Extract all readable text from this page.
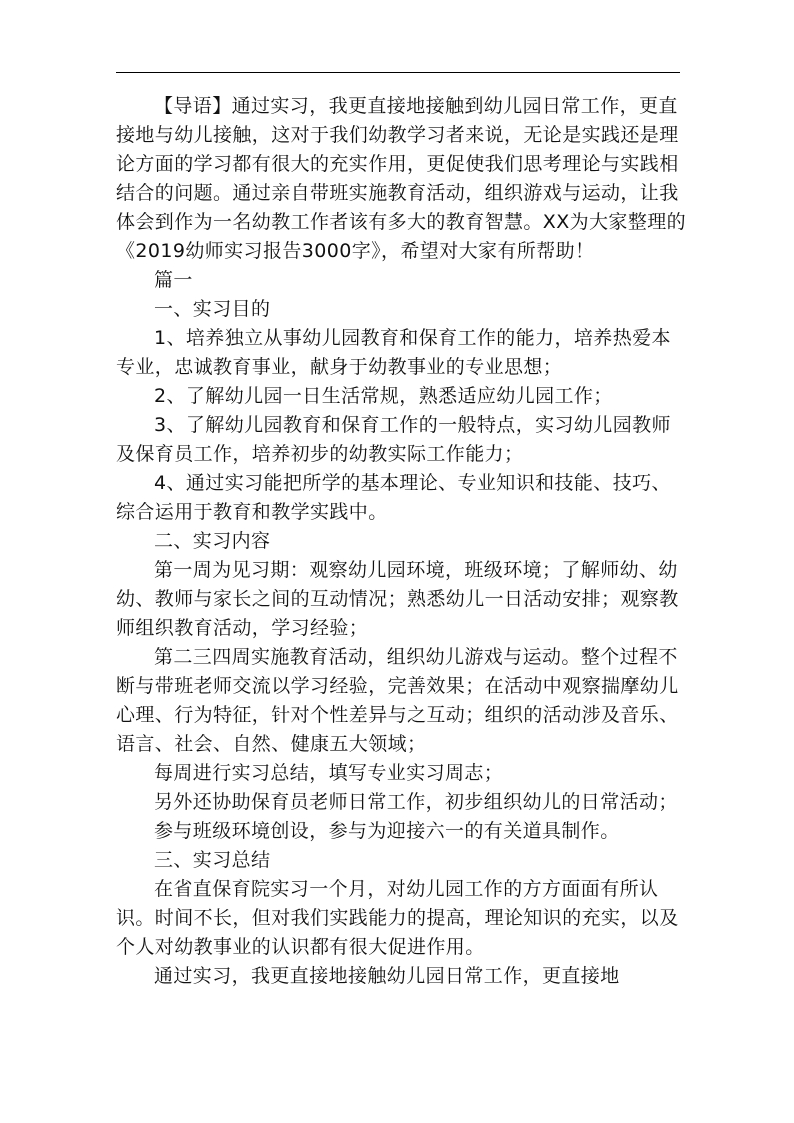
【导语】通过实习，我更直接地接触到幼儿园日常工作，更直接地与幼儿接触，这对于我们幼教学习者来说，无论是实践还是理论方面的学习都有很大的充实作用，更促使我们思考理论与实践相结合的问题。通过亲自带班实施教育活动，组织游戏与运动，让我体会到作为一名幼教工作者该有多大的教育智慧。XX为大家整理的《2019幼师实习报告3000字》，希望对大家有所帮助！

篇一

一、实习目的

1、培养独立从事幼儿园教育和保育工作的能力，培养热爱本专业，忠诚教育事业，献身于幼教事业的专业思想；

2、了解幼儿园一日生活常规，熟悉适应幼儿园工作；

3、了解幼儿园教育和保育工作的一般特点，实习幼儿园教师及保育员工作，培养初步的幼教实际工作能力；

4、通过实习能把所学的基本理论、专业知识和技能、技巧、综合运用于教育和教学实践中。

二、实习内容

第一周为见习期：观察幼儿园环境，班级环境；了解师幼、幼幼、教师与家长之间的互动情况；熟悉幼儿一日活动安排；观察教师组织教育活动，学习经验；

第二三四周实施教育活动，组织幼儿游戏与运动。整个过程不断与带班老师交流以学习经验，完善效果；在活动中观察揣摩幼儿心理、行为特征，针对个性差异与之互动；组织的活动涉及音乐、语言、社会、自然、健康五大领域；

每周进行实习总结，填写专业实习周志；

另外还协助保育员老师日常工作，初步组织幼儿的日常活动；

参与班级环境创设，参与为迎接六一的有关道具制作。

三、实习总结

在省直保育院实习一个月，对幼儿园工作的方方面面有所认识。时间不长，但对我们实践能力的提高，理论知识的充实，以及个人对幼教事业的认识都有很大促进作用。

通过实习，我更直接地接触幼儿园日常工作，更直接地
